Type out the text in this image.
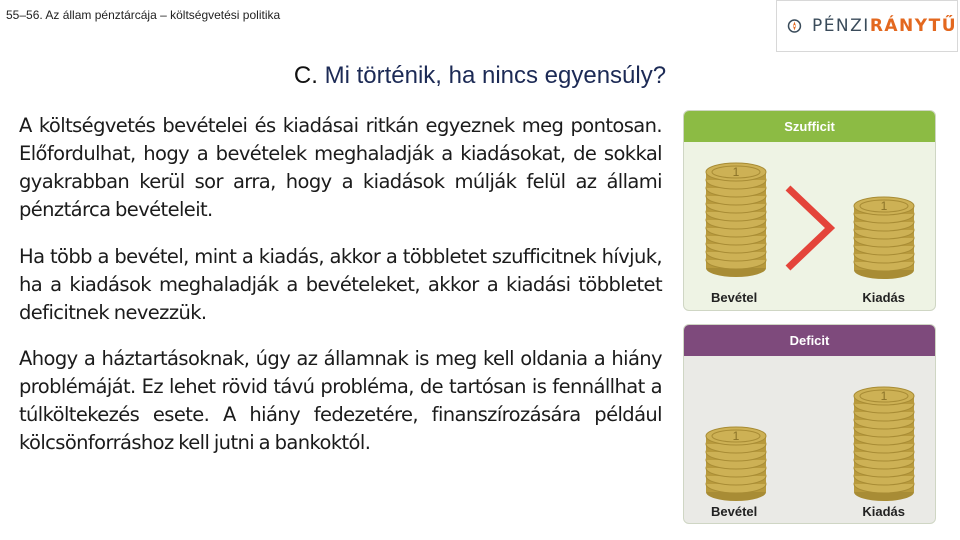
55–56. Az állam pénztárcája – költségvetési politika
PÉNZIRÁNYTŰ
C. Mi történik, ha nincs egyensúly?
A költségvetés bevételei és kiadásai ritkán egyeznek meg pontosan. Előfordulhat, hogy a bevételek meghaladják a kiadásokat, de sokkal gyakrabban kerül sor arra, hogy a kiadások múlják felül az állami pénztárca bevételeit.
Ha több a bevétel, mint a kiadás, akkor a többletet szufficitnek hívjuk, ha a kiadások meghaladják a bevételeket, akkor a kiadási többletet deficitnek nevezzük.
Ahogy a háztartásoknak, úgy az államnak is meg kell oldania a hiány problémáját. Ez lehet rövid távú probléma, de tartósan is fennállhat a túlköltekezés esete. A hiány fedezetére, finanszírozására például kölcsönforráshoz kell jutni a bankoktól.
Szufficit
1
1
Bevétel	Kiadás
Deficit
1
1
Bevétel	Kiadás
